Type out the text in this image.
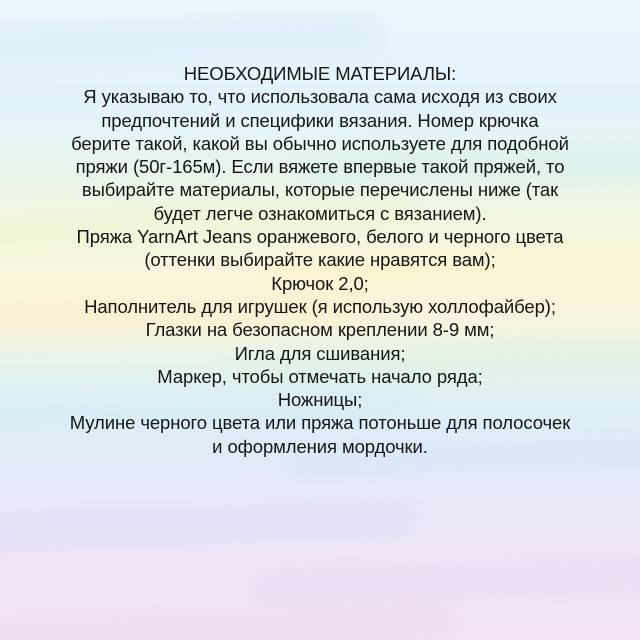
НЕОБХОДИМЫЕ МАТЕРИАЛЫ:
Я указываю то, что использовала сама исходя из своих
предпочтений и специфики вязания. Номер крючка
берите такой, какой вы обычно используете для подобной
пряжи (50г-165м). Если вяжете впервые такой пряжей, то
выбирайте материалы, которые перечислены ниже (так
будет легче ознакомиться с вязанием).
Пряжа YarnArt Jeans оранжевого, белого и черного цвета
(оттенки выбирайте какие нравятся вам);
Крючок 2,0;
Наполнитель для игрушек (я использую холлофайбер);
Глазки на безопасном креплении 8-9 мм;
Игла для сшивания;
Маркер, чтобы отмечать начало ряда;
Ножницы;
Мулине черного цвета или пряжа потоньше для полосочек
и оформления мордочки.
